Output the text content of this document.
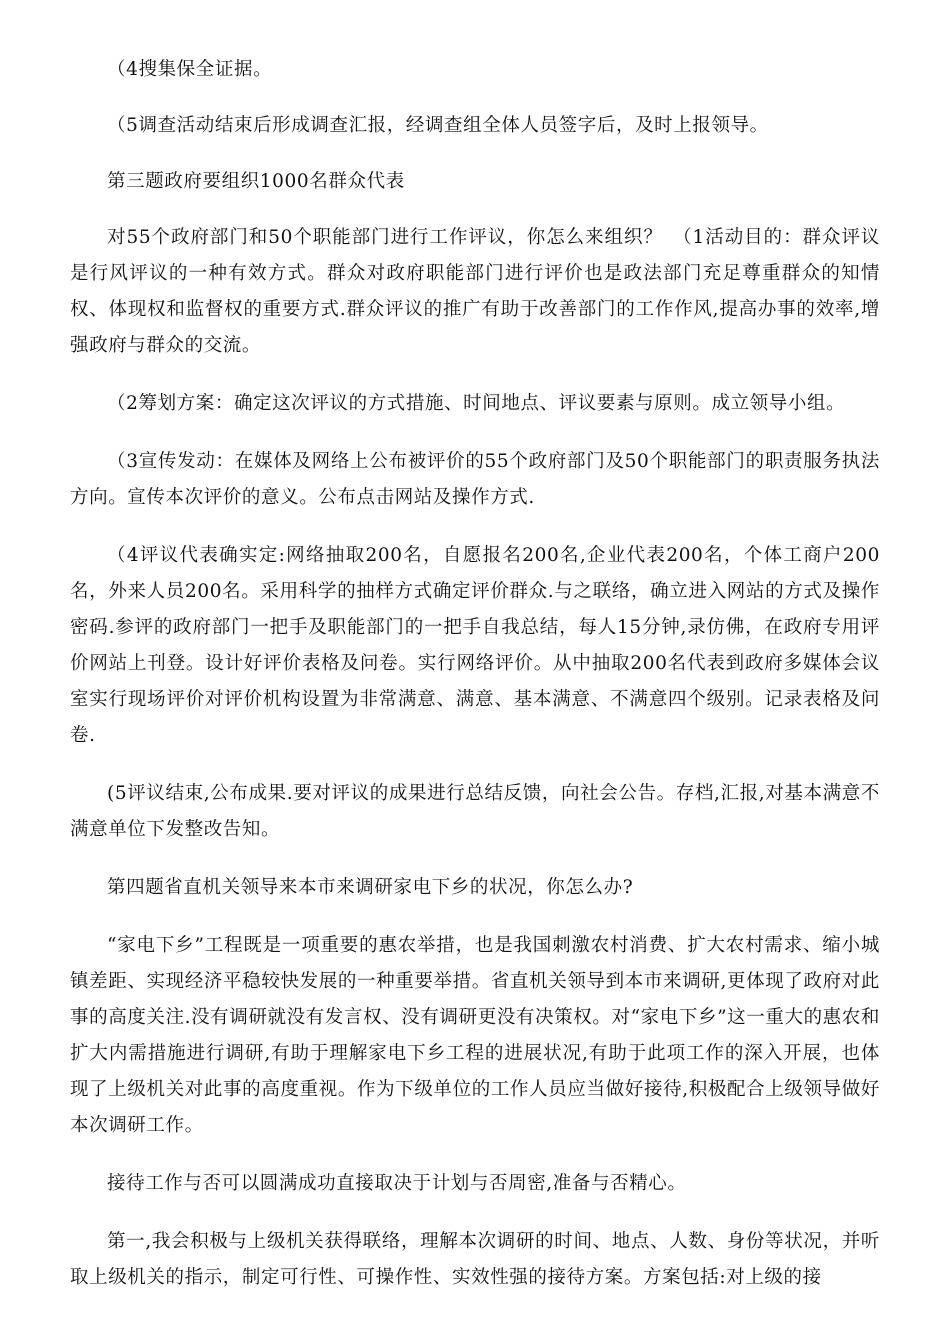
（4搜集保全证据。

（5调查活动结束后形成调查汇报，经调查组全体人员签字后，及时上报领导。

第三题政府要组织1000名群众代表

对55个政府部门和50个职能部门进行工作评议，你怎么来组织？　（1活动目的：群众评议是行风评议的一种有效方式。群众对政府职能部门进行评价也是政法部门充足尊重群众的知情权、体现权和监督权的重要方式.群众评议的推广有助于改善部门的工作作风,提高办事的效率,增强政府与群众的交流。

（2筹划方案：确定这次评议的方式措施、时间地点、评议要素与原则。成立领导小组。

（3宣传发动：在媒体及网络上公布被评价的55个政府部门及50个职能部门的职责服务执法方向。宣传本次评价的意义。公布点击网站及操作方式.

（4评议代表确实定:网络抽取200名，自愿报名200名,企业代表200名，个体工商户200名，外来人员200名。采用科学的抽样方式确定评价群众.与之联络，确立进入网站的方式及操作密码.参评的政府部门一把手及职能部门的一把手自我总结，每人15分钟,录仿佛，在政府专用评价网站上刊登。设计好评价表格及问卷。实行网络评价。从中抽取200名代表到政府多媒体会议室实行现场评价对评价机构设置为非常满意、满意、基本满意、不满意四个级别。记录表格及问卷.

(5评议结束,公布成果.要对评议的成果进行总结反馈，向社会公告。存档,汇报,对基本满意不满意单位下发整改告知。

第四题省直机关领导来本市来调研家电下乡的状况，你怎么办?

“家电下乡”工程既是一项重要的惠农举措，也是我国刺激农村消费、扩大农村需求、缩小城镇差距、实现经济平稳较快发展的一种重要举措。省直机关领导到本市来调研,更体现了政府对此事的高度关注.没有调研就没有发言权、没有调研更没有决策权。对“家电下乡”这一重大的惠农和扩大内需措施进行调研,有助于理解家电下乡工程的进展状况,有助于此项工作的深入开展，也体现了上级机关对此事的高度重视。作为下级单位的工作人员应当做好接待,积极配合上级领导做好本次调研工作。

接待工作与否可以圆满成功直接取决于计划与否周密,准备与否精心。

第一,我会积极与上级机关获得联络，理解本次调研的时间、地点、人数、身份等状况，并听取上级机关的指示，制定可行性、可操作性、实效性强的接待方案。方案包括:对上级的接
